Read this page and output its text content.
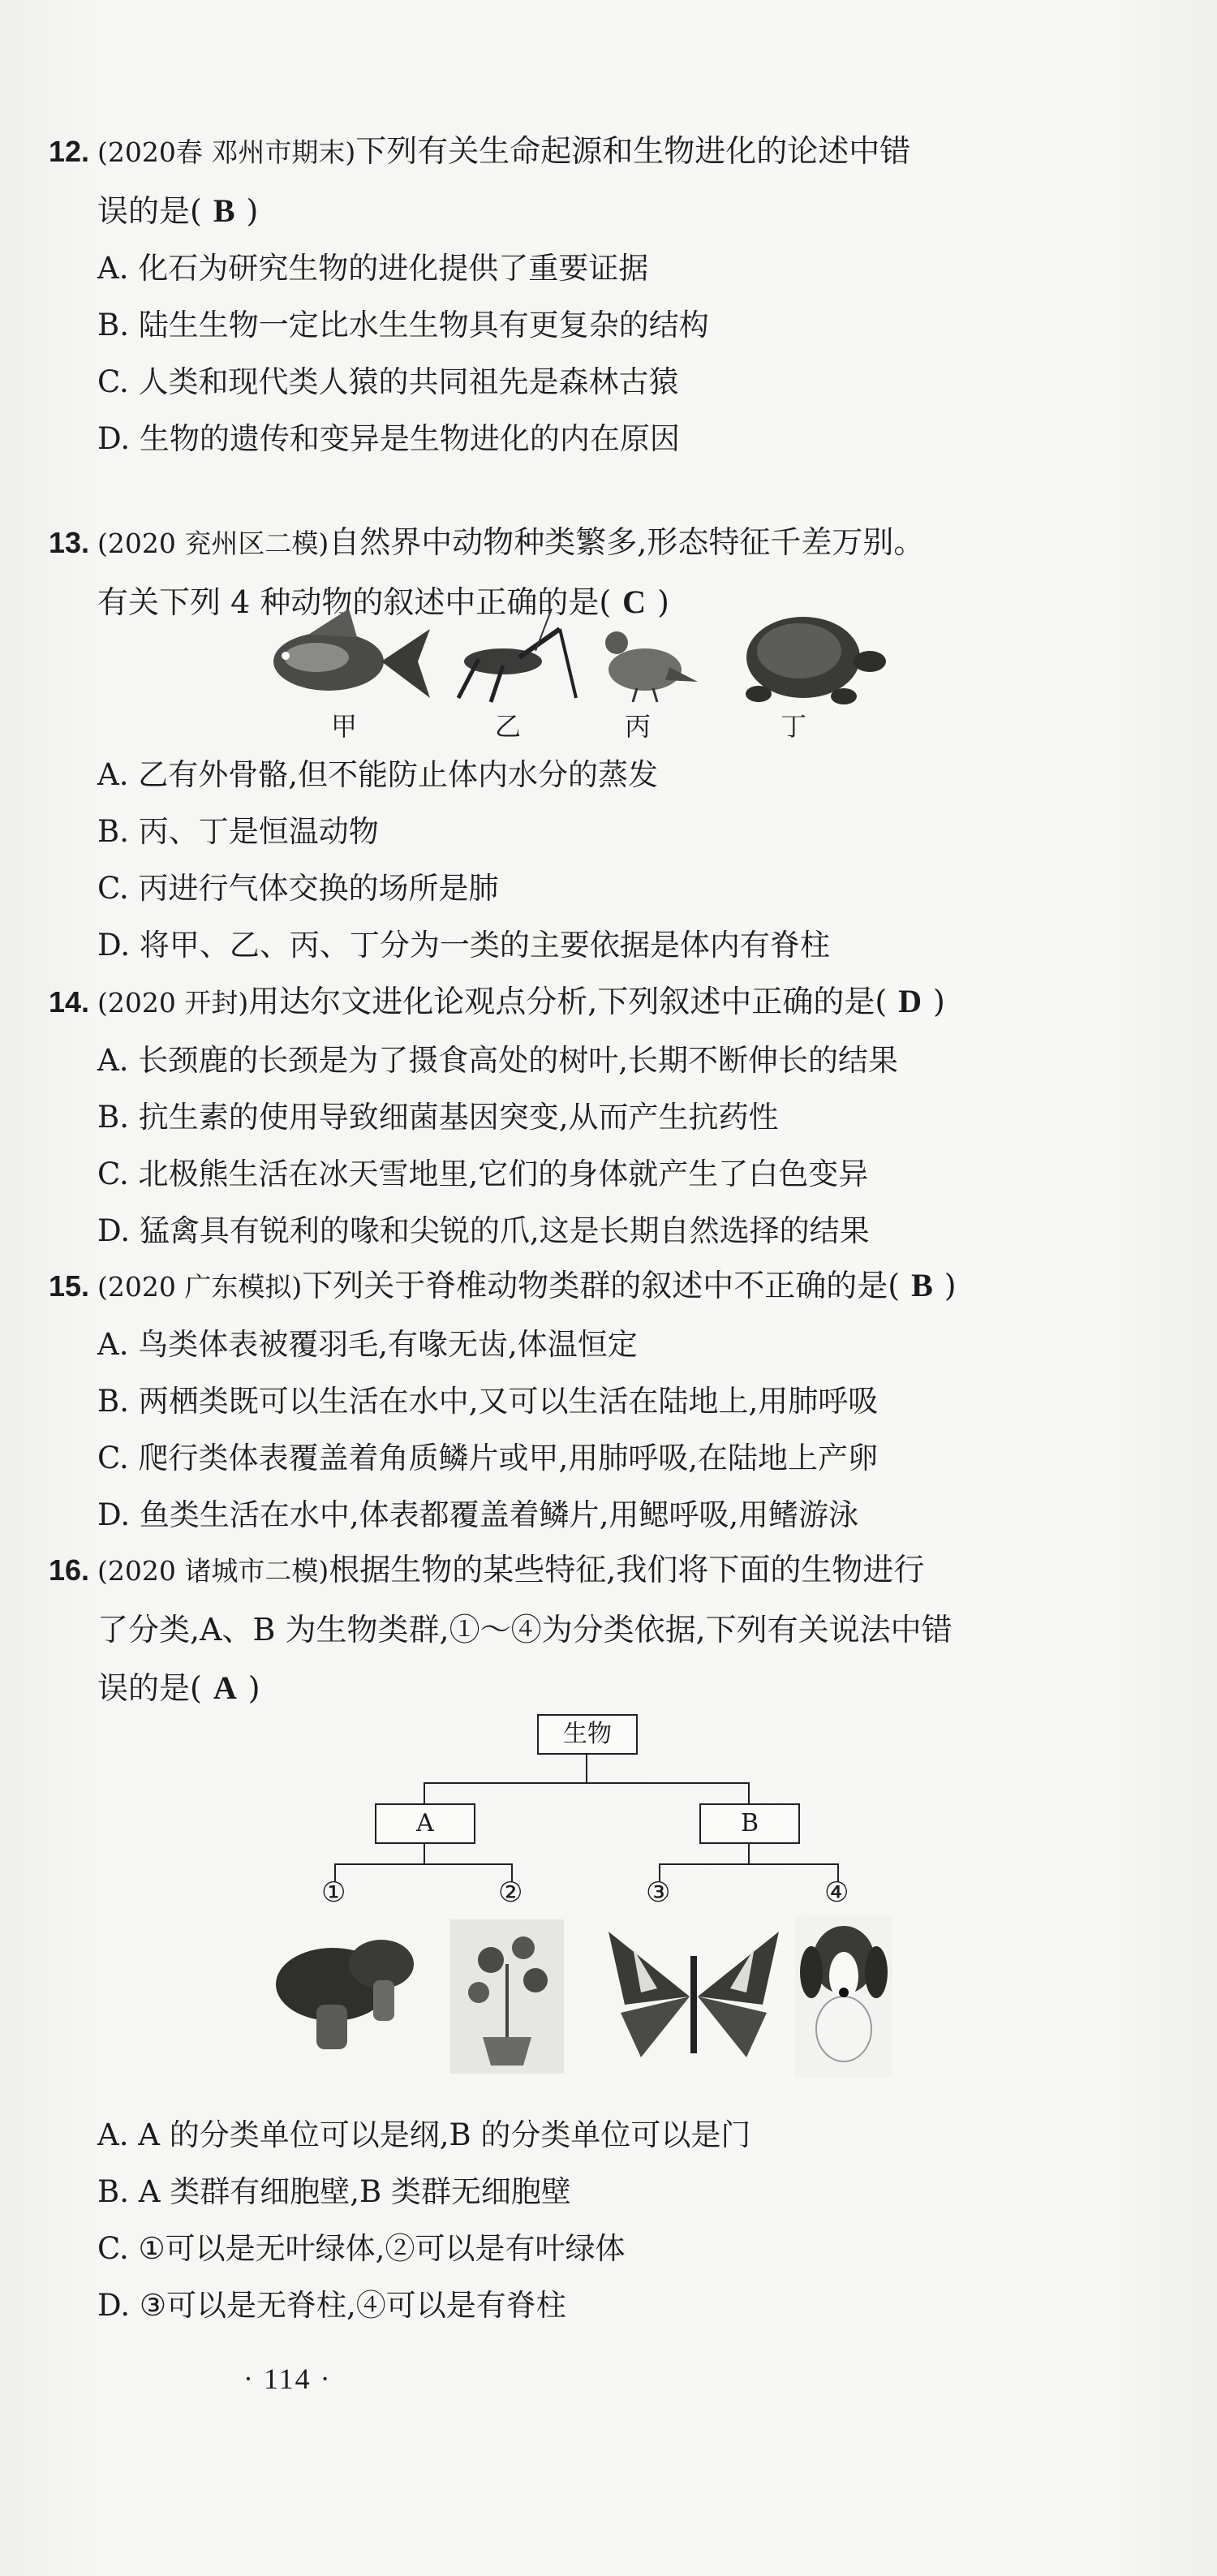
12. (2020春 邓州市期末)下列有关生命起源和生物进化的论述中错
误的是( B )
A. 化石为研究生物的进化提供了重要证据
B. 陆生生物一定比水生生物具有更复杂的结构
C. 人类和现代类人猿的共同祖先是森林古猿
D. 生物的遗传和变异是生物进化的内在原因
13. (2020 兖州区二模)自然界中动物种类繁多,形态特征千差万别。
有关下列 4 种动物的叙述中正确的是( C )
甲	乙	丙	丁
A. 乙有外骨骼,但不能防止体内水分的蒸发
B. 丙、丁是恒温动物
C. 丙进行气体交换的场所是肺
D. 将甲、乙、丙、丁分为一类的主要依据是体内有脊柱
14. (2020 开封)用达尔文进化论观点分析,下列叙述中正确的是( D )
A. 长颈鹿的长颈是为了摄食高处的树叶,长期不断伸长的结果
B. 抗生素的使用导致细菌基因突变,从而产生抗药性
C. 北极熊生活在冰天雪地里,它们的身体就产生了白色变异
D. 猛禽具有锐利的喙和尖锐的爪,这是长期自然选择的结果
15. (2020 广东模拟)下列关于脊椎动物类群的叙述中不正确的是( B )
A. 鸟类体表被覆羽毛,有喙无齿,体温恒定
B. 两栖类既可以生活在水中,又可以生活在陆地上,用肺呼吸
C. 爬行类体表覆盖着角质鳞片或甲,用肺呼吸,在陆地上产卵
D. 鱼类生活在水中,体表都覆盖着鳞片,用鳃呼吸,用鳍游泳
16. (2020 诸城市二模)根据生物的某些特征,我们将下面的生物进行
了分类,A、B 为生物类群,①～④为分类依据,下列有关说法中错
误的是( A )
生物
A	B
①	②	③	④
A. A 的分类单位可以是纲,B 的分类单位可以是门
B. A 类群有细胞壁,B 类群无细胞壁
C. ①可以是无叶绿体,②可以是有叶绿体
D. ③可以是无脊柱,④可以是有脊柱
· 114 ·
